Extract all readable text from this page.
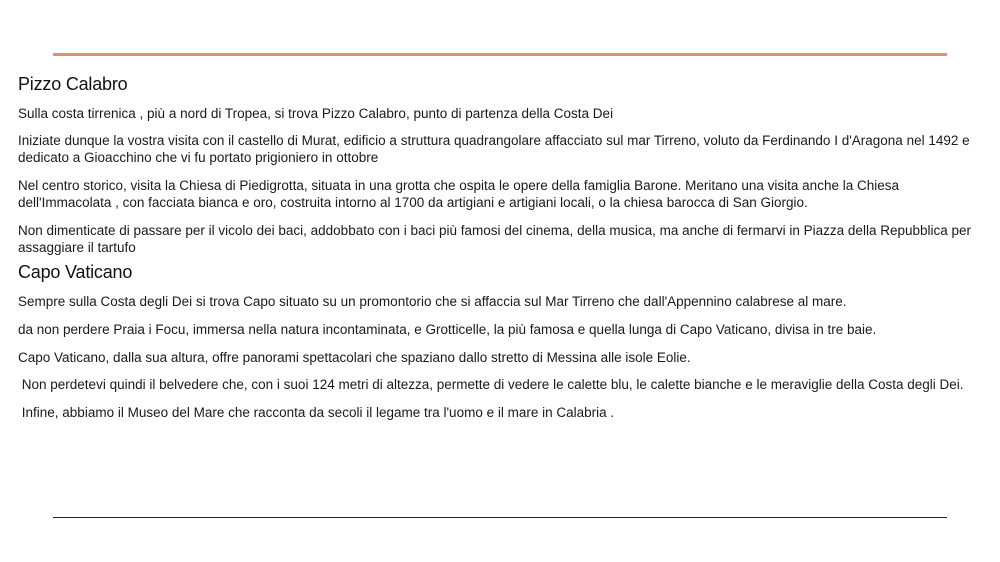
Pizzo Calabro

Sulla costa tirrenica , più a nord di Tropea, si trova Pizzo Calabro, punto di partenza della Costa Dei

Iniziate dunque la vostra visita con il castello di Murat, edificio a struttura quadrangolare affacciato sul mar Tirreno, voluto da Ferdinando I d'Aragona nel 1492 e dedicato a Gioacchino che vi fu portato prigioniero in ottobre

Nel centro storico, visita la Chiesa di Piedigrotta, situata in una grotta che ospita le opere della famiglia Barone. Meritano una visita anche la Chiesa dell'Immacolata , con facciata bianca e oro, costruita intorno al 1700 da artigiani e artigiani locali, o la chiesa barocca di San Giorgio.

Non dimenticate di passare per il vicolo dei baci, addobbato con i baci più famosi del cinema, della musica, ma anche di fermarvi in Piazza della Repubblica per assaggiare il tartufo

Capo Vaticano

Sempre sulla Costa degli Dei si trova Capo situato su un promontorio che si affaccia sul Mar Tirreno che dall'Appennino calabrese al mare.

da non perdere Praia i Focu, immersa nella natura incontaminata, e Grotticelle, la più famosa e quella lunga di Capo Vaticano, divisa in tre baie.

Capo Vaticano, dalla sua altura, offre panorami spettacolari che spaziano dallo stretto di Messina alle isole Eolie.

Non perdetevi quindi il belvedere che, con i suoi 124 metri di altezza, permette di vedere le calette blu, le calette bianche e le meraviglie della Costa degli Dei.

Infine, abbiamo il Museo del Mare che racconta da secoli il legame tra l'uomo e il mare in Calabria .
